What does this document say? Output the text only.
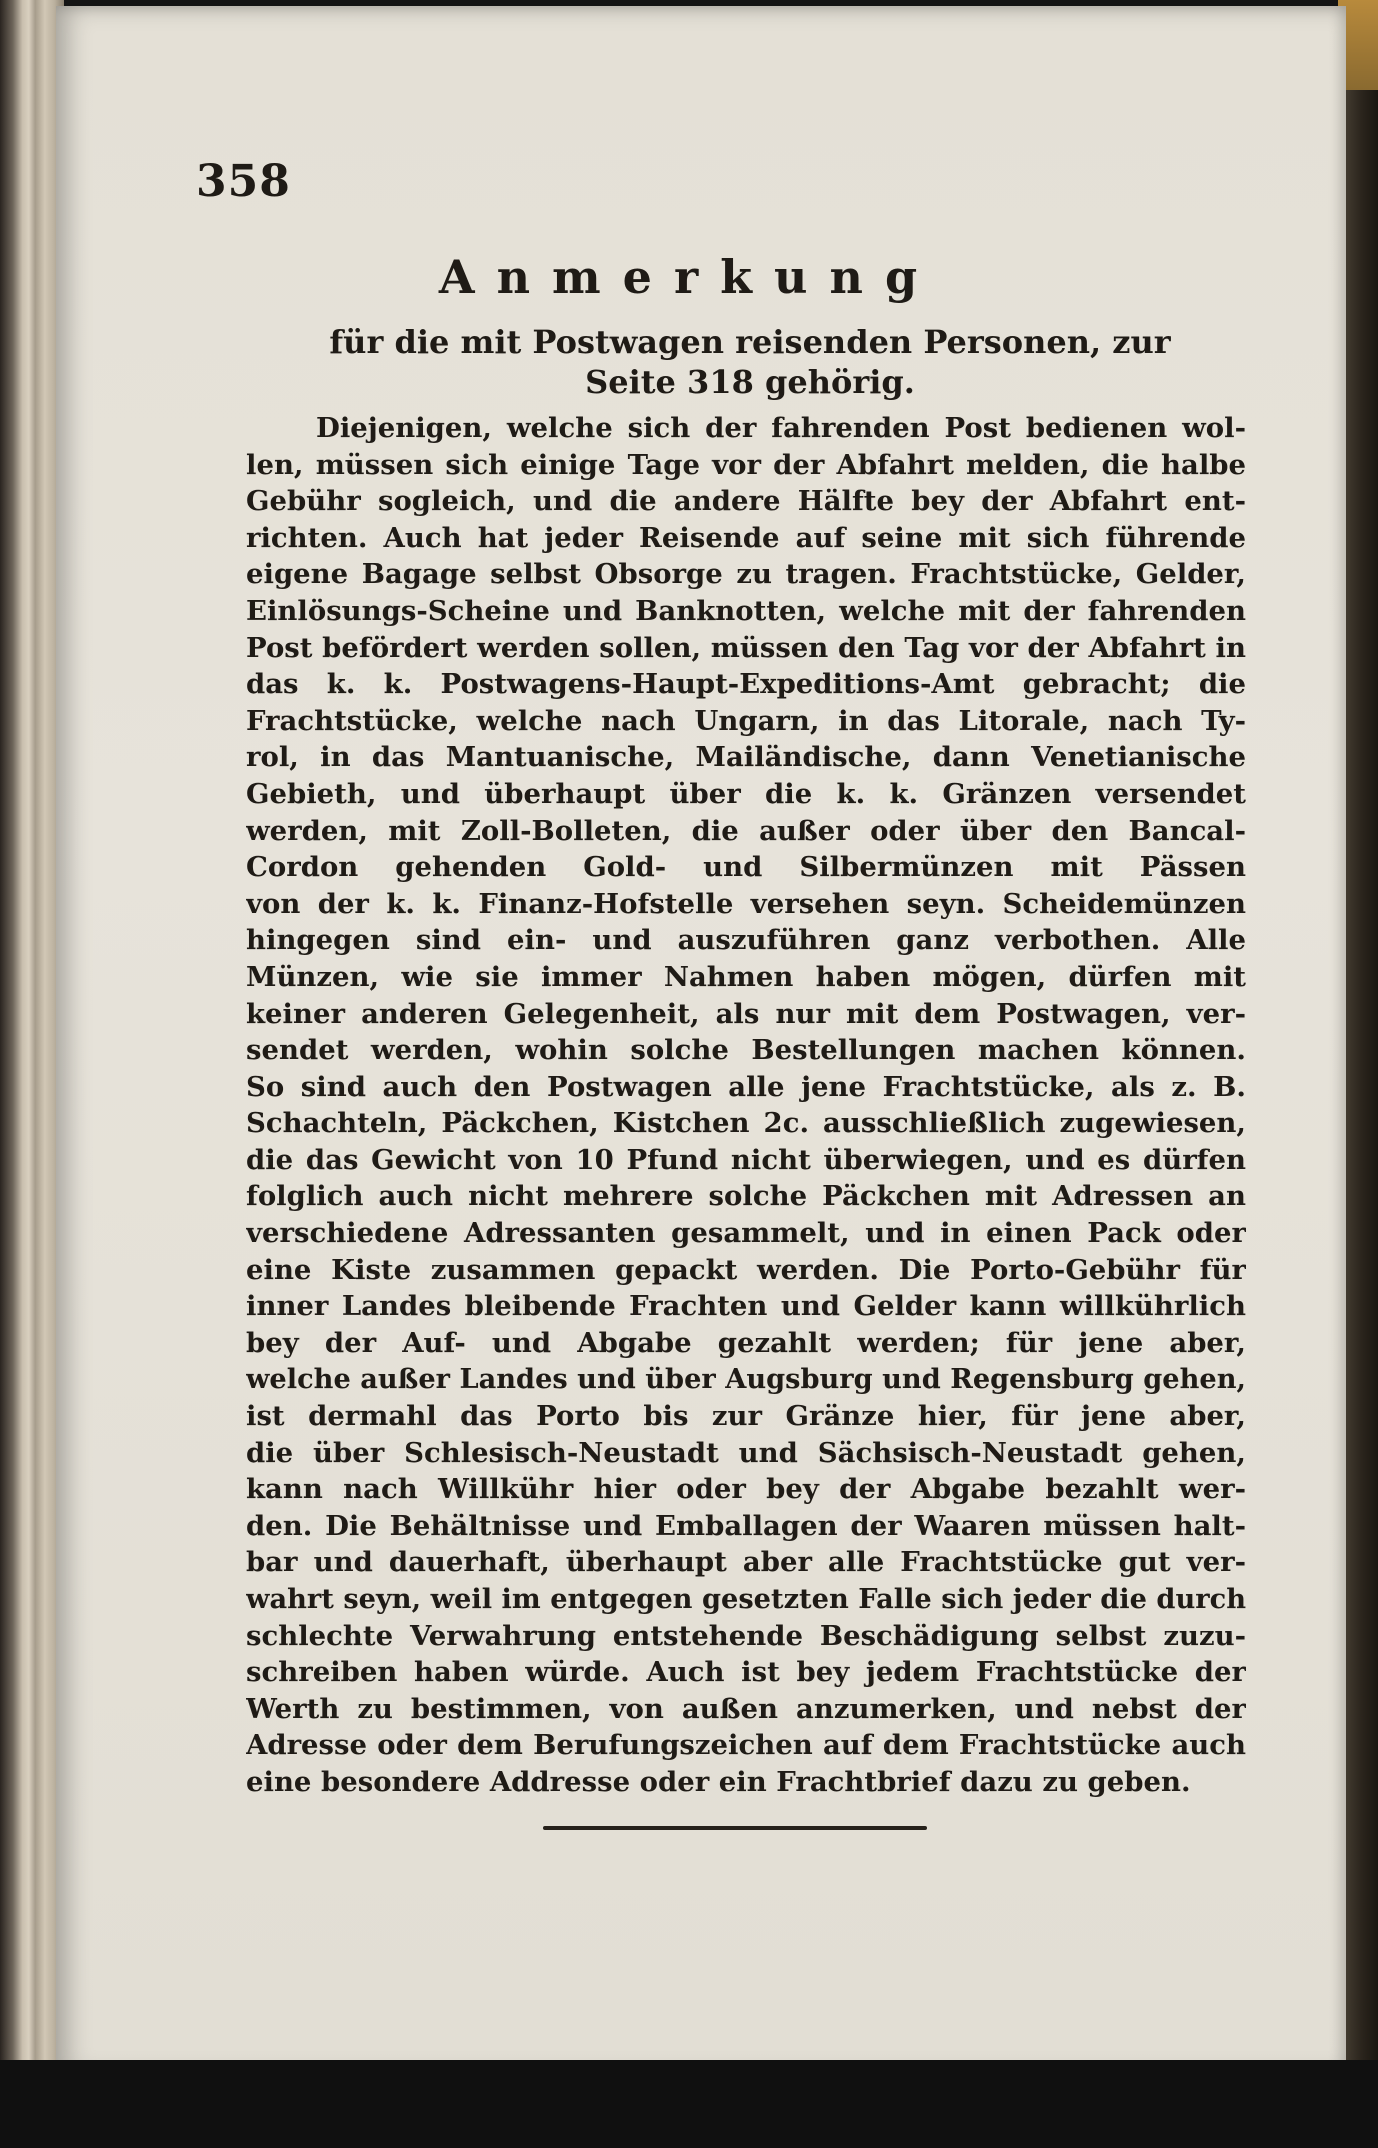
358
Anmerkung
für die mit Postwagen reisenden Personen, zur Seite 318 gehörig.
Diejenigen, welche sich der fahrenden Post bedienen wol-
len, müssen sich einige Tage vor der Abfahrt melden, die halbe
Gebühr sogleich, und die andere Hälfte bey der Abfahrt ent-
richten. Auch hat jeder Reisende auf seine mit sich führende
eigene Bagage selbst Obsorge zu tragen. Frachtstücke, Gelder,
Einlösungs-Scheine und Banknotten, welche mit der fahrenden
Post befördert werden sollen, müssen den Tag vor der Abfahrt in
das k. k. Postwagens-Haupt-Expeditions-Amt gebracht; die
Frachtstücke, welche nach Ungarn, in das Litorale, nach Ty-
rol, in das Mantuanische, Mailändische, dann Venetianische
Gebieth, und überhaupt über die k. k. Gränzen versendet
werden, mit Zoll-Bolleten, die außer oder über den Bancal-
Cordon gehenden Gold- und Silbermünzen mit Pässen
von der k. k. Finanz-Hofstelle versehen seyn. Scheidemünzen
hingegen sind ein- und auszuführen ganz verbothen. Alle
Münzen, wie sie immer Nahmen haben mögen, dürfen mit
keiner anderen Gelegenheit, als nur mit dem Postwagen, ver-
sendet werden, wohin solche Bestellungen machen können.
So sind auch den Postwagen alle jene Frachtstücke, als z. B.
Schachteln, Päckchen, Kistchen 2c. ausschließlich zugewiesen,
die das Gewicht von 10 Pfund nicht überwiegen, und es dürfen
folglich auch nicht mehrere solche Päckchen mit Adressen an
verschiedene Adressanten gesammelt, und in einen Pack oder
eine Kiste zusammen gepackt werden. Die Porto-Gebühr für
inner Landes bleibende Frachten und Gelder kann willkührlich
bey der Auf- und Abgabe gezahlt werden; für jene aber,
welche außer Landes und über Augsburg und Regensburg gehen,
ist dermahl das Porto bis zur Gränze hier, für jene aber,
die über Schlesisch-Neustadt und Sächsisch-Neustadt gehen,
kann nach Willkühr hier oder bey der Abgabe bezahlt wer-
den. Die Behältnisse und Emballagen der Waaren müssen halt-
bar und dauerhaft, überhaupt aber alle Frachtstücke gut ver-
wahrt seyn, weil im entgegen gesetzten Falle sich jeder die durch
schlechte Verwahrung entstehende Beschädigung selbst zuzu-
schreiben haben würde. Auch ist bey jedem Frachtstücke der
Werth zu bestimmen, von außen anzumerken, und nebst der
Adresse oder dem Berufungszeichen auf dem Frachtstücke auch
eine besondere Addresse oder ein Frachtbrief dazu zu geben.
